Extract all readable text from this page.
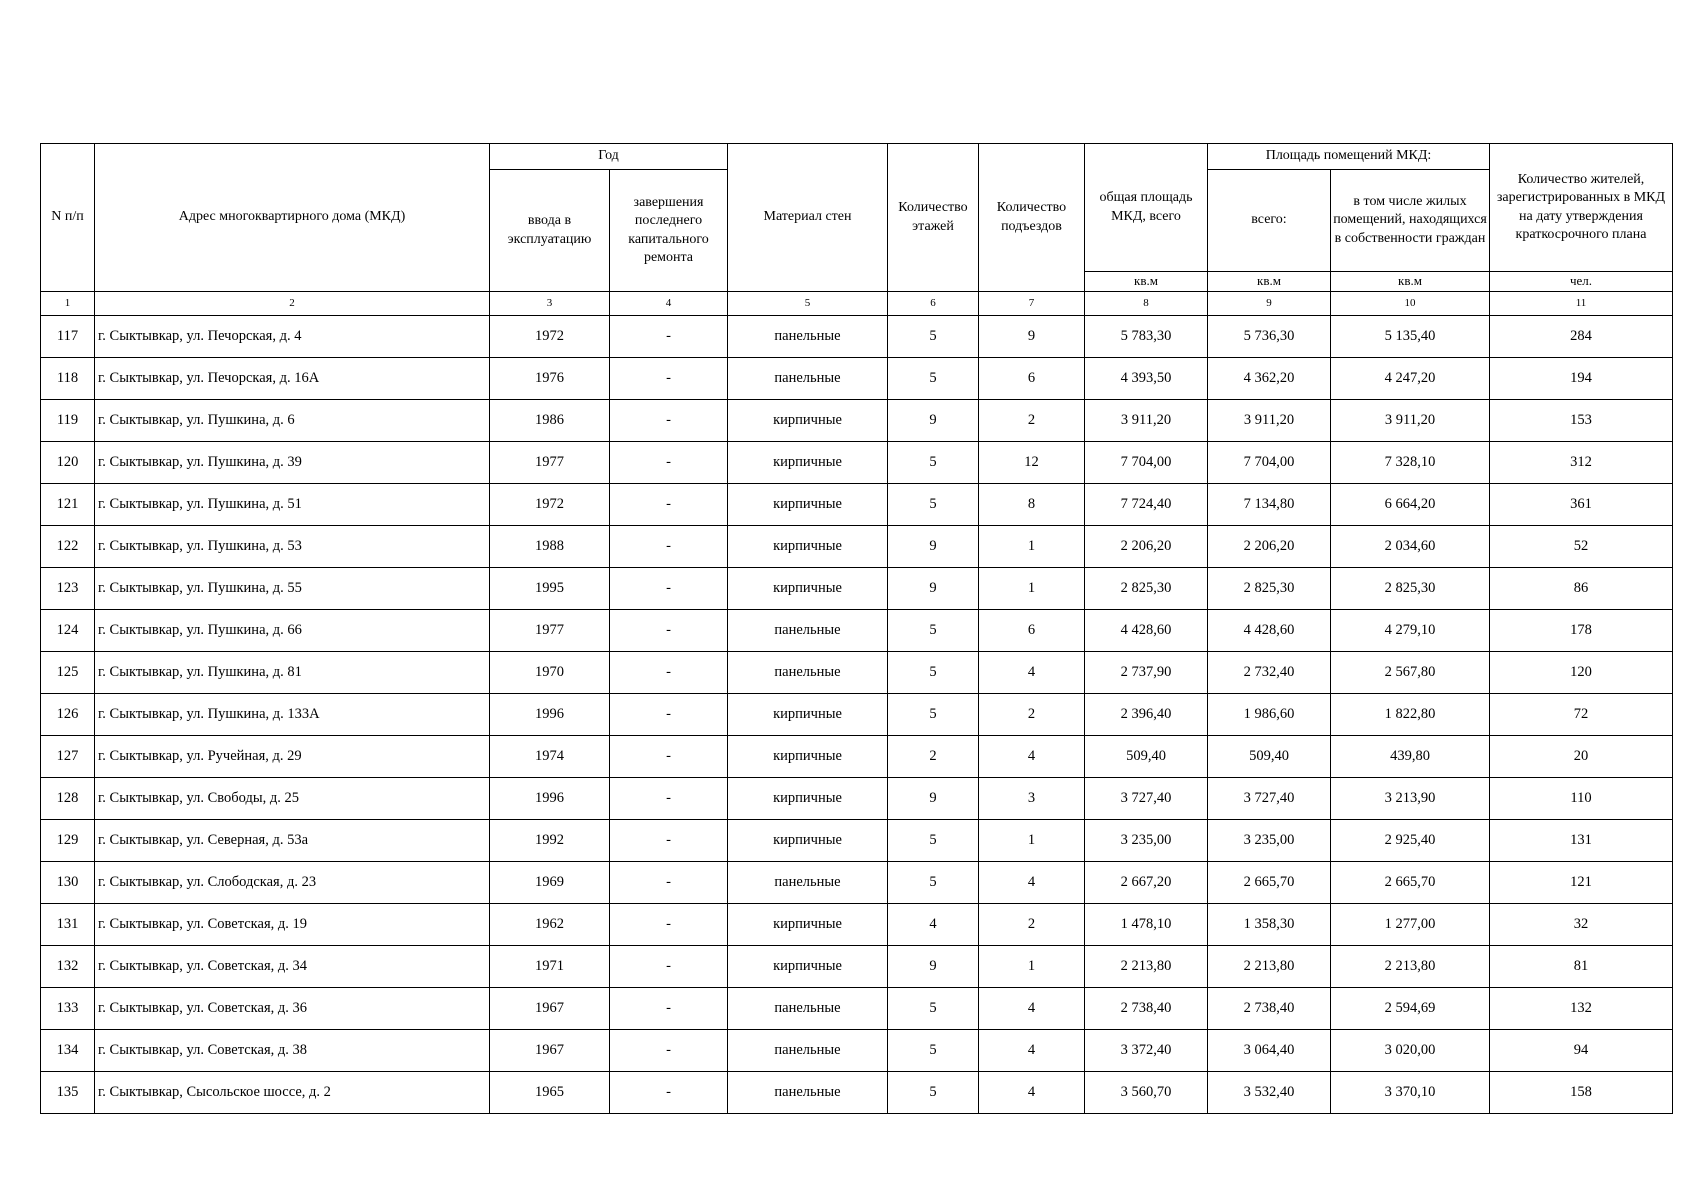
N п/п	Адрес многоквартирного дома (МКД)	Год		Материал стен	Количество этажей	Количество подъездов	общая площадь МКД, всего	Площадь помещений МКД:		Количество жителей, зарегистрированных в МКД на дату утверждения краткосрочного плана
		ввода в эксплуатацию	завершения последнего капитального ремонта					всего:	в том числе жилых помещений, находящихся в собственности граждан	
							кв.м	кв.м	кв.м	чел.
1	2	3	4	5	6	7	8	9	10	11
117	г. Сыктывкар, ул. Печорская, д. 4	1972	-	панельные	5	9	5 783,30	5 736,30	5 135,40	284
118	г. Сыктывкар, ул. Печорская, д. 16А	1976	-	панельные	5	6	4 393,50	4 362,20	4 247,20	194
119	г. Сыктывкар, ул. Пушкина, д. 6	1986	-	кирпичные	9	2	3 911,20	3 911,20	3 911,20	153
120	г. Сыктывкар, ул. Пушкина, д. 39	1977	-	кирпичные	5	12	7 704,00	7 704,00	7 328,10	312
121	г. Сыктывкар, ул. Пушкина, д. 51	1972	-	кирпичные	5	8	7 724,40	7 134,80	6 664,20	361
122	г. Сыктывкар, ул. Пушкина, д. 53	1988	-	кирпичные	9	1	2 206,20	2 206,20	2 034,60	52
123	г. Сыктывкар, ул. Пушкина, д. 55	1995	-	кирпичные	9	1	2 825,30	2 825,30	2 825,30	86
124	г. Сыктывкар, ул. Пушкина, д. 66	1977	-	панельные	5	6	4 428,60	4 428,60	4 279,10	178
125	г. Сыктывкар, ул. Пушкина, д. 81	1970	-	панельные	5	4	2 737,90	2 732,40	2 567,80	120
126	г. Сыктывкар, ул. Пушкина, д. 133А	1996	-	кирпичные	5	2	2 396,40	1 986,60	1 822,80	72
127	г. Сыктывкар, ул. Ручейная, д. 29	1974	-	кирпичные	2	4	509,40	509,40	439,80	20
128	г. Сыктывкар, ул. Свободы, д. 25	1996	-	кирпичные	9	3	3 727,40	3 727,40	3 213,90	110
129	г. Сыктывкар, ул. Северная, д. 53а	1992	-	кирпичные	5	1	3 235,00	3 235,00	2 925,40	131
130	г. Сыктывкар, ул. Слободская, д. 23	1969	-	панельные	5	4	2 667,20	2 665,70	2 665,70	121
131	г. Сыктывкар, ул. Советская, д. 19	1962	-	кирпичные	4	2	1 478,10	1 358,30	1 277,00	32
132	г. Сыктывкар, ул. Советская, д. 34	1971	-	кирпичные	9	1	2 213,80	2 213,80	2 213,80	81
133	г. Сыктывкар, ул. Советская, д. 36	1967	-	панельные	5	4	2 738,40	2 738,40	2 594,69	132
134	г. Сыктывкар, ул. Советская, д. 38	1967	-	панельные	5	4	3 372,40	3 064,40	3 020,00	94
135	г. Сыктывкар, Сысольское шоссе, д. 2	1965	-	панельные	5	4	3 560,70	3 532,40	3 370,10	158
